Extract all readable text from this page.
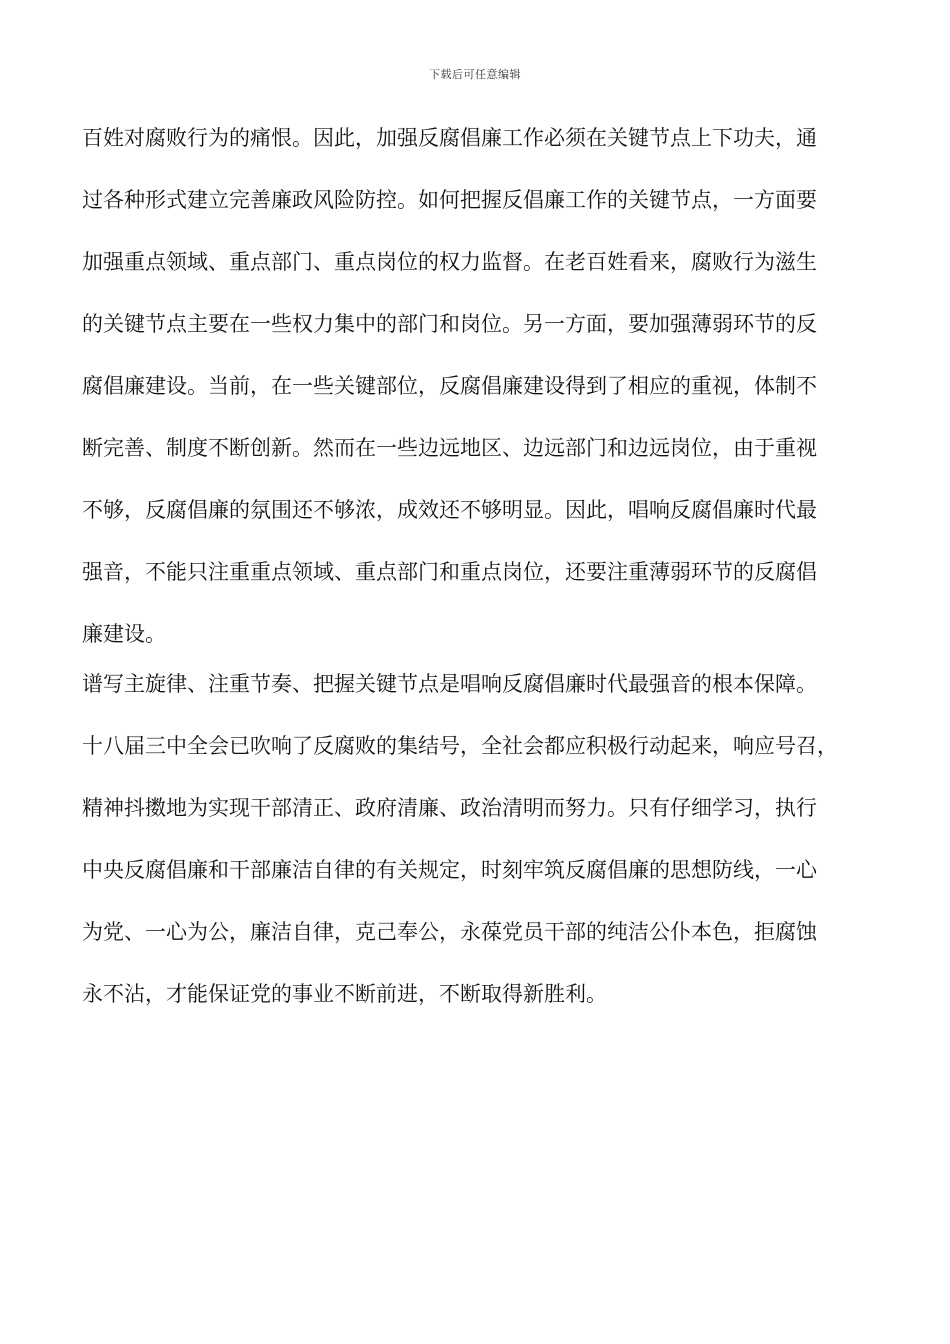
下载后可任意编辑
百姓对腐败行为的痛恨。因此，加强反腐倡廉工作必须在关键节点上下功夫，通
过各种形式建立完善廉政风险防控。如何把握反倡廉工作的关键节点，一方面要
加强重点领域、重点部门、重点岗位的权力监督。在老百姓看来，腐败行为滋生
的关键节点主要在一些权力集中的部门和岗位。另一方面，要加强薄弱环节的反
腐倡廉建设。当前，在一些关键部位，反腐倡廉建设得到了相应的重视，体制不
断完善、制度不断创新。然而在一些边远地区、边远部门和边远岗位，由于重视
不够，反腐倡廉的氛围还不够浓，成效还不够明显。因此，唱响反腐倡廉时代最
强音，不能只注重重点领域、重点部门和重点岗位，还要注重薄弱环节的反腐倡
廉建设。
谱写主旋律、注重节奏、把握关键节点是唱响反腐倡廉时代最强音的根本保障。
十八届三中全会已吹响了反腐败的集结号，全社会都应积极行动起来，响应号召，
精神抖擞地为实现干部清正、政府清廉、政治清明而努力。只有仔细学习，执行
中央反腐倡廉和干部廉洁自律的有关规定，时刻牢筑反腐倡廉的思想防线，一心
为党、一心为公，廉洁自律，克己奉公，永葆党员干部的纯洁公仆本色，拒腐蚀
永不沾，才能保证党的事业不断前进，不断取得新胜利。
